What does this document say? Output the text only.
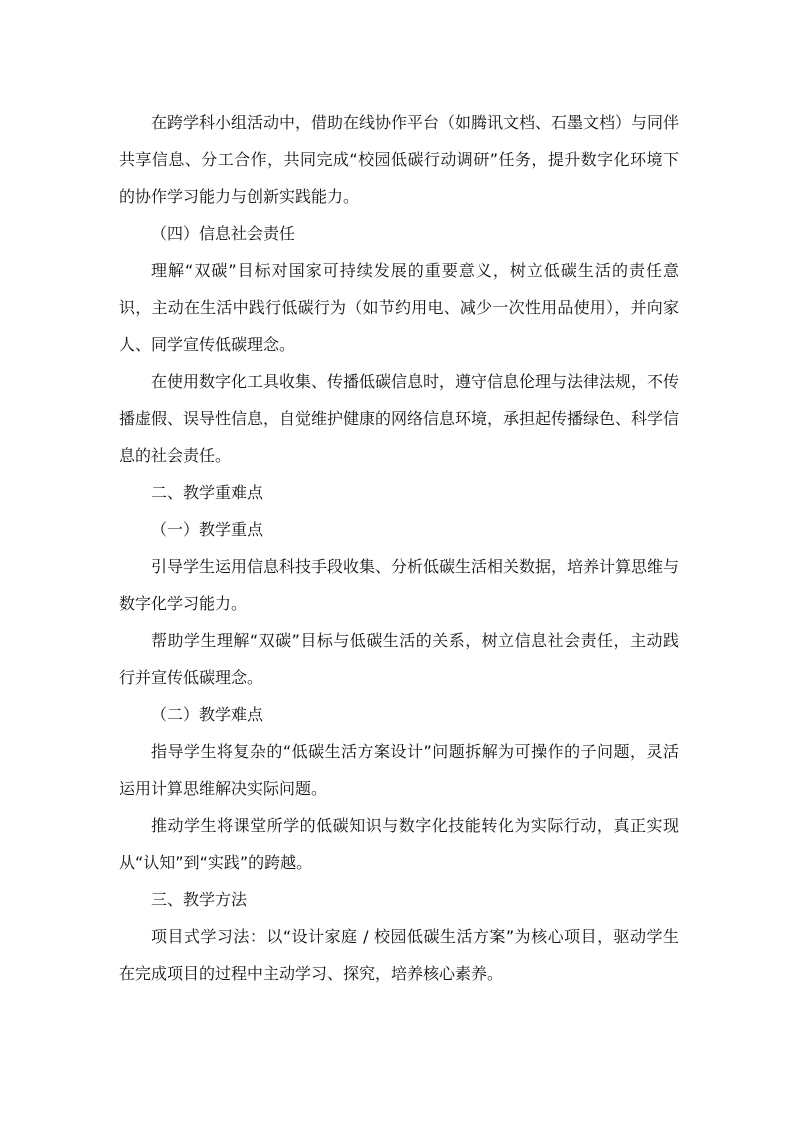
在跨学科小组活动中，借助在线协作平台（如腾讯文档、石墨文档）与同伴共享信息、分工合作，共同完成“校园低碳行动调研”任务，提升数字化环境下的协作学习能力与创新实践能力。

（四）信息社会责任

理解“双碳”目标对国家可持续发展的重要意义，树立低碳生活的责任意识，主动在生活中践行低碳行为（如节约用电、减少一次性用品使用），并向家人、同学宣传低碳理念。

在使用数字化工具收集、传播低碳信息时，遵守信息伦理与法律法规，不传播虚假、误导性信息，自觉维护健康的网络信息环境，承担起传播绿色、科学信息的社会责任。

二、教学重难点

（一）教学重点

引导学生运用信息科技手段收集、分析低碳生活相关数据，培养计算思维与数字化学习能力。

帮助学生理解“双碳”目标与低碳生活的关系，树立信息社会责任，主动践行并宣传低碳理念。

（二）教学难点

指导学生将复杂的“低碳生活方案设计”问题拆解为可操作的子问题，灵活运用计算思维解决实际问题。

推动学生将课堂所学的低碳知识与数字化技能转化为实际行动，真正实现从“认知”到“实践”的跨越。

三、教学方法

项目式学习法：以“设计家庭 / 校园低碳生活方案”为核心项目，驱动学生在完成项目的过程中主动学习、探究，培养核心素养。
